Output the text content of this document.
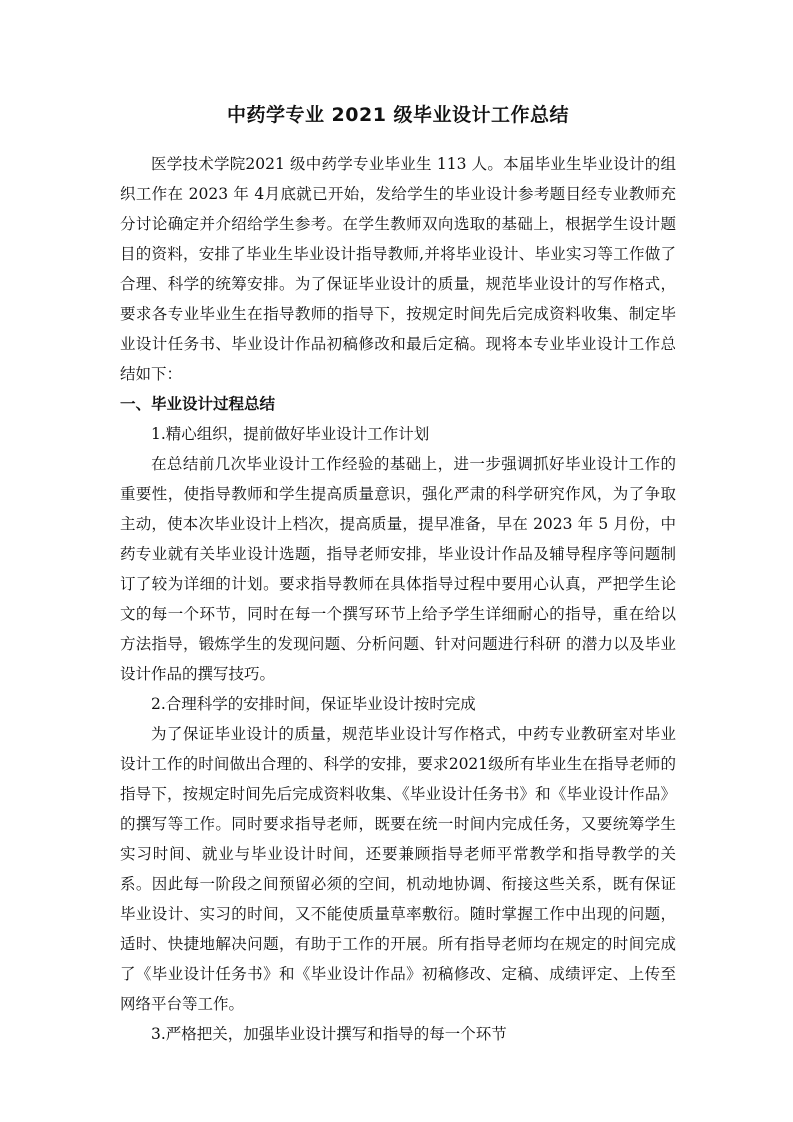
中药学专业 2021 级毕业设计工作总结

医学技术学院2021 级中药学专业毕业生 113 人。本届毕业生毕业设计的组织工作在 2023 年 4月底就已开始，发给学生的毕业设计参考题目经专业教师充分讨论确定并介绍给学生参考。在学生教师双向选取的基础上，根据学生设计题目的资料，安排了毕业生毕业设计指导教师,并将毕业设计、毕业实习等工作做了合理、科学的统筹安排。为了保证毕业设计的质量，规范毕业设计的写作格式，要求各专业毕业生在指导教师的指导下，按规定时间先后完成资料收集、制定毕业设计任务书、毕业设计作品初稿修改和最后定稿。现将本专业毕业设计工作总结如下：

一、毕业设计过程总结

1.精心组织，提前做好毕业设计工作计划

在总结前几次毕业设计工作经验的基础上，进一步强调抓好毕业设计工作的重要性，使指导教师和学生提高质量意识，强化严肃的科学研究作风，为了争取主动，使本次毕业设计上档次，提高质量，提早准备，早在 2023 年 5 月份，中药专业就有关毕业设计选题，指导老师安排，毕业设计作品及辅导程序等问题制订了较为详细的计划。要求指导教师在具体指导过程中要用心认真，严把学生论文的每一个环节，同时在每一个撰写环节上给予学生详细耐心的指导，重在给以方法指导，锻炼学生的发现问题、分析问题、针对问题进行科研 的潜力以及毕业设计作品的撰写技巧。

2.合理科学的安排时间，保证毕业设计按时完成

为了保证毕业设计的质量，规范毕业设计写作格式，中药专业教研室对毕业设计工作的时间做出合理的、科学的安排，要求2021级所有毕业生在指导老师的指导下，按规定时间先后完成资料收集、《毕业设计任务书》和《毕业设计作品》的撰写等工作。同时要求指导老师，既要在统一时间内完成任务，又要统筹学生实习时间、就业与毕业设计时间，还要兼顾指导老师平常教学和指导教学的关系。因此每一阶段之间预留必须的空间，机动地协调、衔接这些关系，既有保证毕业设计、实习的时间，又不能使质量草率敷衍。随时掌握工作中出现的问题，适时、快捷地解决问题，有助于工作的开展。所有指导老师均在规定的时间完成了《毕业设计任务书》和《毕业设计作品》初稿修改、定稿、成绩评定、上传至网络平台等工作。

3.严格把关，加强毕业设计撰写和指导的每一个环节
